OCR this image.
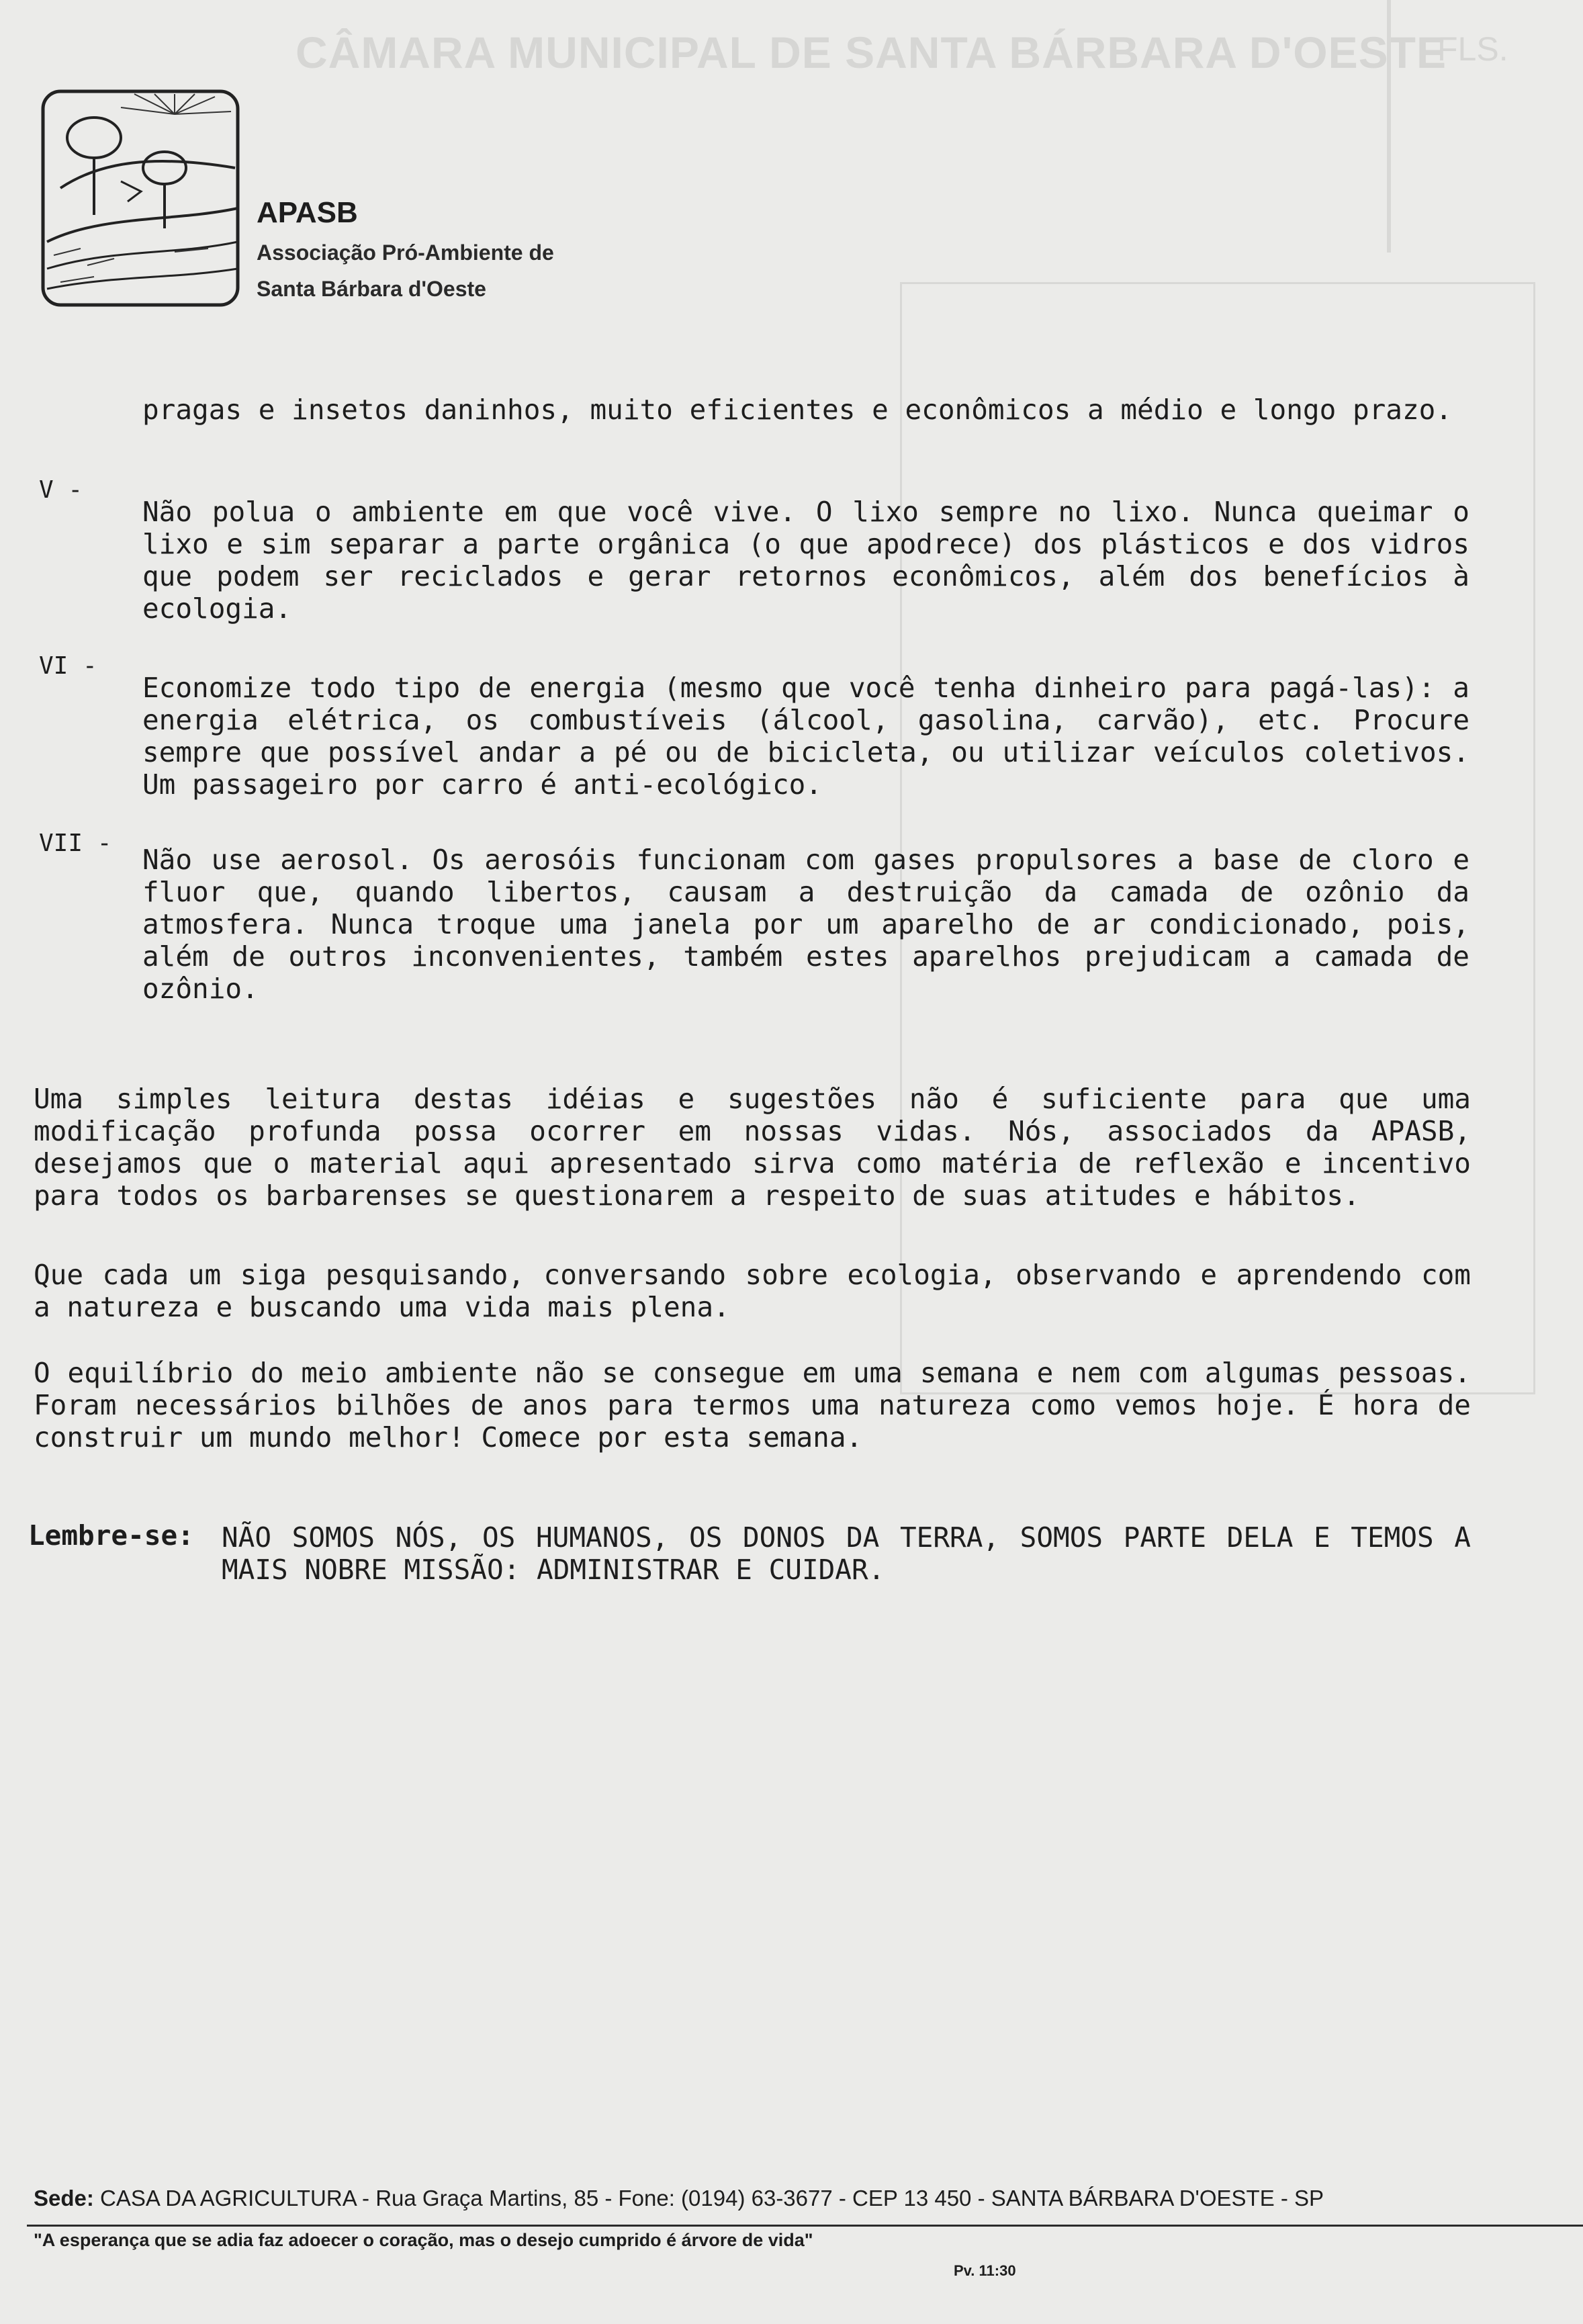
CÂMARA MUNICIPAL DE SANTA BÁRBARA D'OESTE
FLS.
APASB
Associação Pró-Ambiente de
Santa Bárbara d'Oeste

pragas e insetos daninhos, muito eficientes e econômicos a médio e longo prazo.

V -

Não polua o ambiente em que você vive. O lixo sempre no lixo. Nunca queimar o lixo e sim separar a parte orgânica (o que apodrece) dos plásticos e dos vidros que podem ser reciclados e gerar retornos econômicos, além dos benefícios à ecologia.

VI -

Economize todo tipo de energia (mesmo que você tenha dinheiro para pagá-las): a energia elétrica, os combustíveis (álcool, gasolina, carvão), etc. Procure sempre que possível andar a pé ou de bicicleta, ou utilizar veículos coletivos. Um passageiro por carro é anti-ecológico.

VII -

Não use aerosol. Os aerosóis funcionam com gases propulsores a base de cloro e fluor que, quando libertos, causam a destruição da camada de ozônio da atmosfera. Nunca troque uma janela por um aparelho de ar condicionado, pois, além de outros inconvenientes, também estes aparelhos prejudicam a camada de ozônio.

Uma simples leitura destas idéias e sugestões não é suficiente para que uma modificação profunda possa ocorrer em nossas vidas. Nós, associados da APASB, desejamos que o material aqui apresentado sirva como matéria de reflexão e incentivo para todos os barbarenses se questionarem a respeito de suas atitudes e hábitos.

Que cada um siga pesquisando, conversando sobre ecologia, observando e aprendendo com a natureza e buscando uma vida mais plena.

O equilíbrio do meio ambiente não se consegue em uma semana e nem com algumas pessoas. Foram necessários bilhões de anos para termos uma natureza como vemos hoje. É hora de construir um mundo melhor! Comece por esta semana.

Lembre-se: NÃO SOMOS NÓS, OS HUMANOS, OS DONOS DA TERRA, SOMOS PARTE DELA E TEMOS A MAIS NOBRE MISSÃO: ADMINISTRAR E CUIDAR.

Sede: CASA DA AGRICULTURA - Rua Graça Martins, 85 - Fone: (0194) 63-3677 - CEP 13 450 - SANTA BÁRBARA D'OESTE - SP
"A esperança que se adia faz adoecer o coração, mas o desejo cumprido é árvore de vida"
Pv. 11:30
